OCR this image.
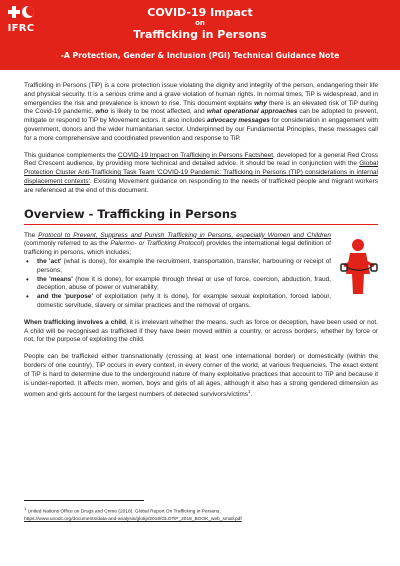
IFRC
COVID-19 Impact
on
Trafficking in Persons
-A Protection, Gender & Inclusion (PGI) Technical Guidance Note

Trafficking in Persons (TiP) is a core protection issue violating the dignity and integrity of the person, endangering their life and physical security. It is a serious crime and a grave violation of human rights. In normal times, TiP is widespread, and in emergencies the risk and prevalence is known to rise. This document explains why there is an elevated risk of TiP during the Covid-19 pandemic, who is likely to be most affected, and what operational approaches can be adopted to prevent, mitigate or respond to TiP by Movement actors. It also includes advocacy messages for consideration in engagement with government, donors and the wider humanitarian sector. Underpinned by our Fundamental Principles, these messages call for a more comprehensive and coordinated prevention and response to TiP.

This guidance complements the COVID-19 Impact on Trafficking in Persons Factsheet, developed for a general Red Cross Red Crescent audience, by providing more technical and detailed advice. It should be read in conjunction with the Global Protection Cluster Anti-Trafficking Task Team 'COVID-19 Pandemic: Trafficking in Persons (TIP) considerations in internal displacement contexts'. Existing Movement guidance on responding to the needs of trafficked people and migrant workers are referenced at the end of this document.

Overview - Trafficking in Persons

The Protocol to Prevent, Suppress and Punish Trafficking in Persons, especially Women and Children (commonly referred to as the Palermo- or Trafficking Protocol) provides the international legal definition of trafficking in persons, which includes;

• the 'act' (what is done), for example the recruitment, transportation, transfer, harbouring or receipt of persons;
• the 'means' (how it is done), for example through threat or use of force, coercion, abduction, fraud, deception, abuse of power or vulnerability;
• and the 'purpose' of exploitation (why it is done), for example sexual exploitation, forced labour, domestic servitude, slavery or similar practices and the removal of organs.

When trafficking involves a child, it is irrelevant whether the means, such as force or deception, have been used or not. A child will be recognised as trafficked if they have been moved within a country, or across borders, whether by force or not, for the purpose of exploiting the child.

People can be trafficked either transnationally (crossing at least one international border) or domestically (within the borders of one country). TiP occurs in every context, in every corner of the world, at various frequencies. The exact extent of TiP is hard to determine due to the underground nature of many exploitative practices that account to TiP and because it is under-reported. It affects men, women, boys and girls of all ages, although it also has a strong gendered dimension as women and girls account for the largest numbers of detected survivors/victims$^1$.

$^1$ United Nations Office on Drugs and Crime (2018). Global Report On Trafficking in Persons,
https://www.unodc.org/documents/data-and-analysis/glotip/2018/GLOTiP_2018_BOOK_web_small.pdf
